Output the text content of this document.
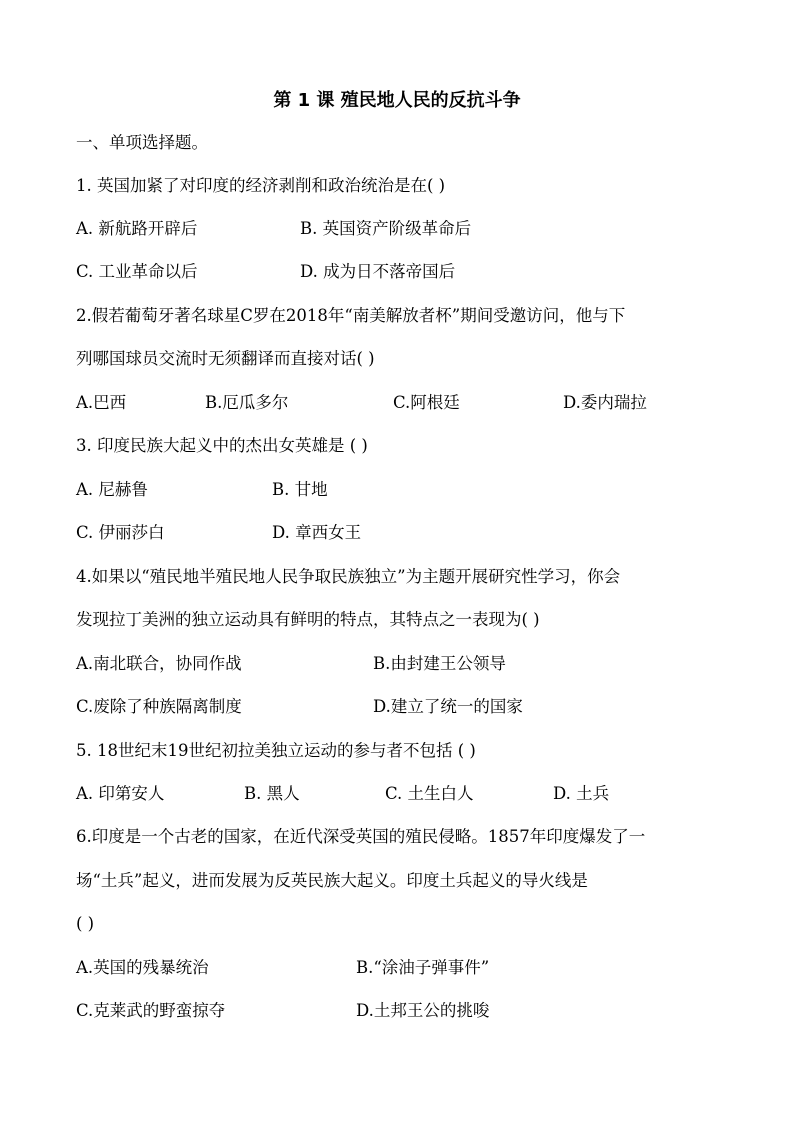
第 1 课 殖民地人民的反抗斗争
一、单项选择题。
1. 英国加紧了对印度的经济剥削和政治统治是在( )
A. 新航路开辟后	B. 英国资产阶级革命后
C. 工业革命以后	D. 成为日不落帝国后
2.假若葡萄牙著名球星C罗在2018年“南美解放者杯”期间受邀访问，他与下
列哪国球员交流时无须翻译而直接对话( )
A.巴西	B.厄瓜多尔	C.阿根廷	D.委内瑞拉
3. 印度民族大起义中的杰出女英雄是 ( )
A. 尼赫鲁	B. 甘地
C. 伊丽莎白	D. 章西女王
4.如果以“殖民地半殖民地人民争取民族独立”为主题开展研究性学习，你会
发现拉丁美洲的独立运动具有鲜明的特点，其特点之一表现为( )
A.南北联合，协同作战	B.由封建王公领导
C.废除了种族隔离制度	D.建立了统一的国家
5. 18世纪末19世纪初拉美独立运动的参与者不包括 ( )
A. 印第安人	B. 黑人	C. 土生白人	D. 土兵
6.印度是一个古老的国家，在近代深受英国的殖民侵略。1857年印度爆发了一
场“土兵”起义，进而发展为反英民族大起义。印度土兵起义的导火线是
( )
A.英国的残暴统治	B.“涂油子弹事件”
C.克莱武的野蛮掠夺	D.土邦王公的挑唆
